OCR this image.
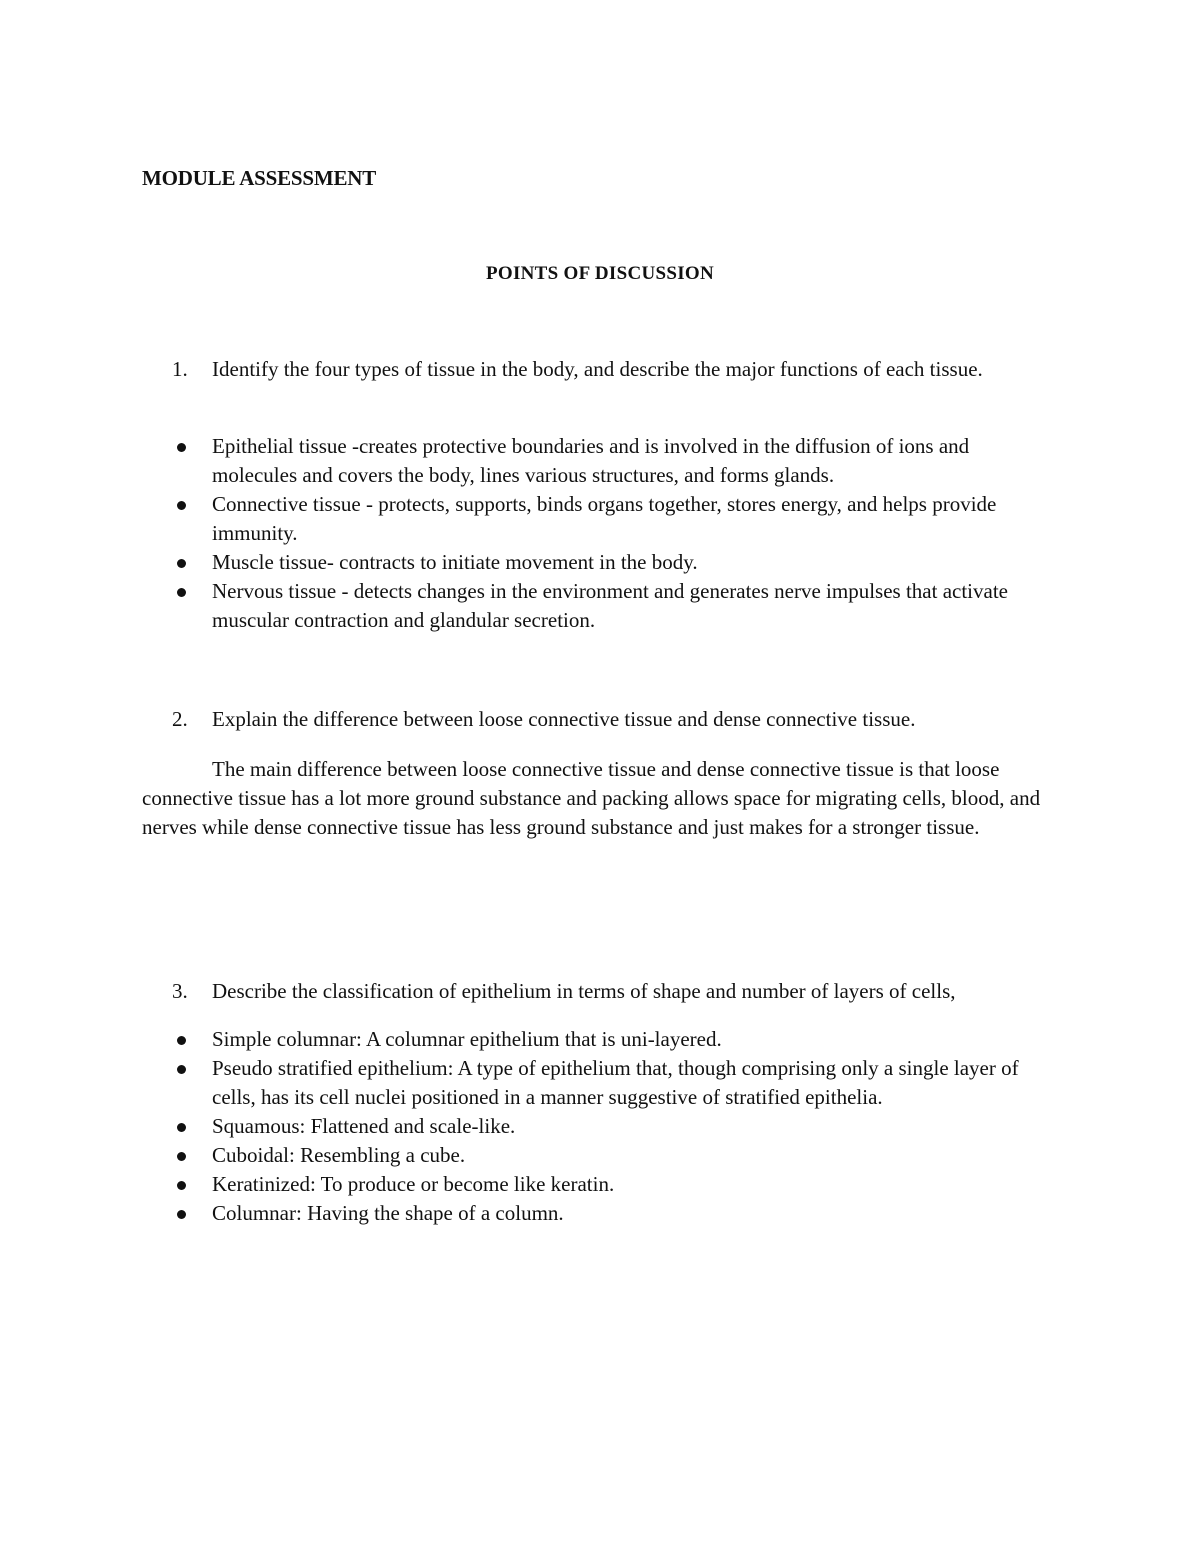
MODULE ASSESSMENT
POINTS OF DISCUSSION
1.	Identify the four types of tissue in the body, and describe the major functions of each tissue.
Epithelial tissue -creates protective boundaries and is involved in the diffusion of ions and molecules and covers the body, lines various structures, and forms glands.
Connective tissue - protects, supports, binds organs together, stores energy, and helps provide immunity.
Muscle tissue- contracts to initiate movement in the body.
Nervous tissue - detects changes in the environment and generates nerve impulses that activate muscular contraction and glandular secretion.
2.	Explain the difference between loose connective tissue and dense connective tissue.

The main difference between loose connective tissue and dense connective tissue is that loose connective tissue has a lot more ground substance and packing allows space for migrating cells, blood, and nerves while dense connective tissue has less ground substance and just makes for a stronger tissue.

3.	Describe the classification of epithelium in terms of shape and number of layers of cells,
Simple columnar: A columnar epithelium that is uni-layered.
Pseudo stratified epithelium: A type of epithelium that, though comprising only a single layer of cells, has its cell nuclei positioned in a manner suggestive of stratified epithelia.
Squamous: Flattened and scale-like.
Cuboidal: Resembling a cube.
Keratinized: To produce or become like keratin.
Columnar: Having the shape of a column.
